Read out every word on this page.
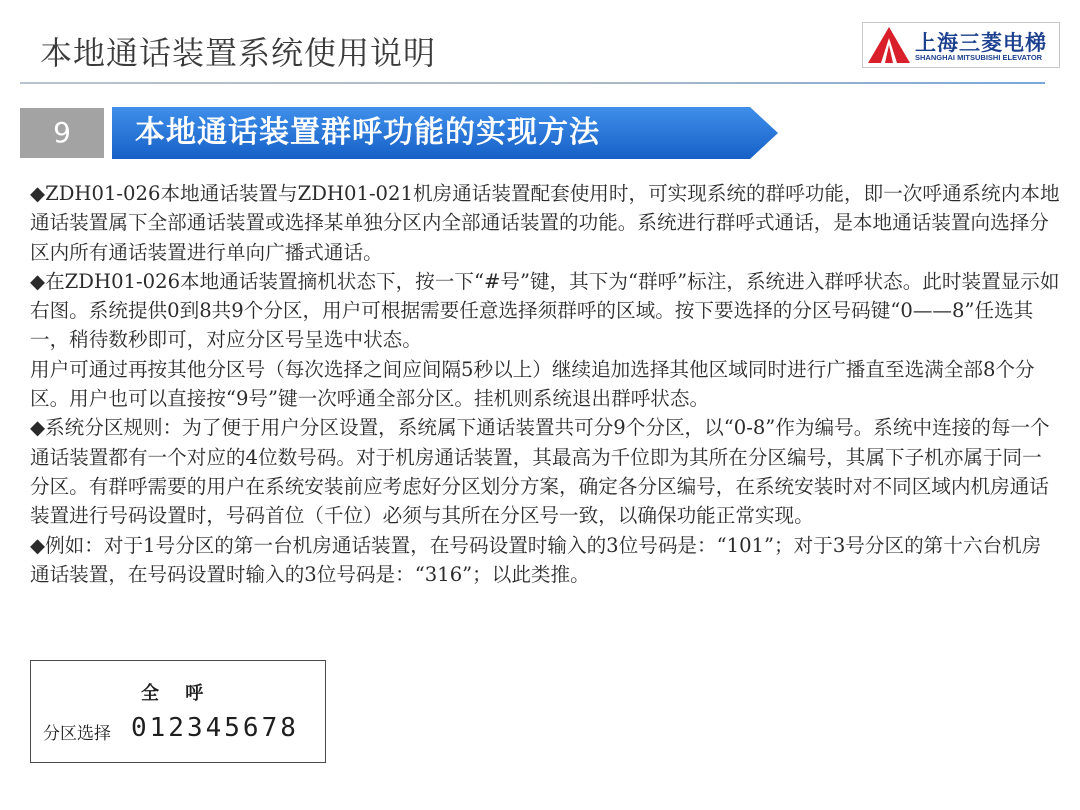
本地通话装置系统使用说明	上海三菱电梯
SHANGHAI MITSUBISHI ELEVATOR
9	本地通话装置群呼功能的实现方法

◆ZDH01-026本地通话装置与ZDH01-021机房通话装置配套使用时，可实现系统的群呼功能，即一次呼通系统内本地通话装置属下全部通话装置或选择某单独分区内全部通话装置的功能。系统进行群呼式通话，是本地通话装置向选择分区内所有通话装置进行单向广播式通话。

◆在ZDH01-026本地通话装置摘机状态下，按一下“#号”键，其下为“群呼”标注，系统进入群呼状态。此时装置显示如右图。系统提供0到8共9个分区，用户可根据需要任意选择须群呼的区域。按下要选择的分区号码键“0——8”任选其一，稍待数秒即可，对应分区号呈选中状态。

用户可通过再按其他分区号（每次选择之间应间隔5秒以上）继续追加选择其他区域同时进行广播直至选满全部8个分区。用户也可以直接按“9号”键一次呼通全部分区。挂机则系统退出群呼状态。

◆系统分区规则：为了便于用户分区设置，系统属下通话装置共可分9个分区，以“0-8”作为编号。系统中连接的每一个通话装置都有一个对应的4位数号码。对于机房通话装置，其最高为千位即为其所在分区编号，其属下子机亦属于同一分区。有群呼需要的用户在系统安装前应考虑好分区划分方案，确定各分区编号，在系统安装时对不同区域内机房通话装置进行号码设置时，号码首位（千位）必须与其所在分区号一致，以确保功能正常实现。

◆例如：对于1号分区的第一台机房通话装置，在号码设置时输入的3位号码是：“101”；对于3号分区的第十六台机房通话装置，在号码设置时输入的3位号码是：“316”；以此类推。

全 呼
分区选择 012345678
